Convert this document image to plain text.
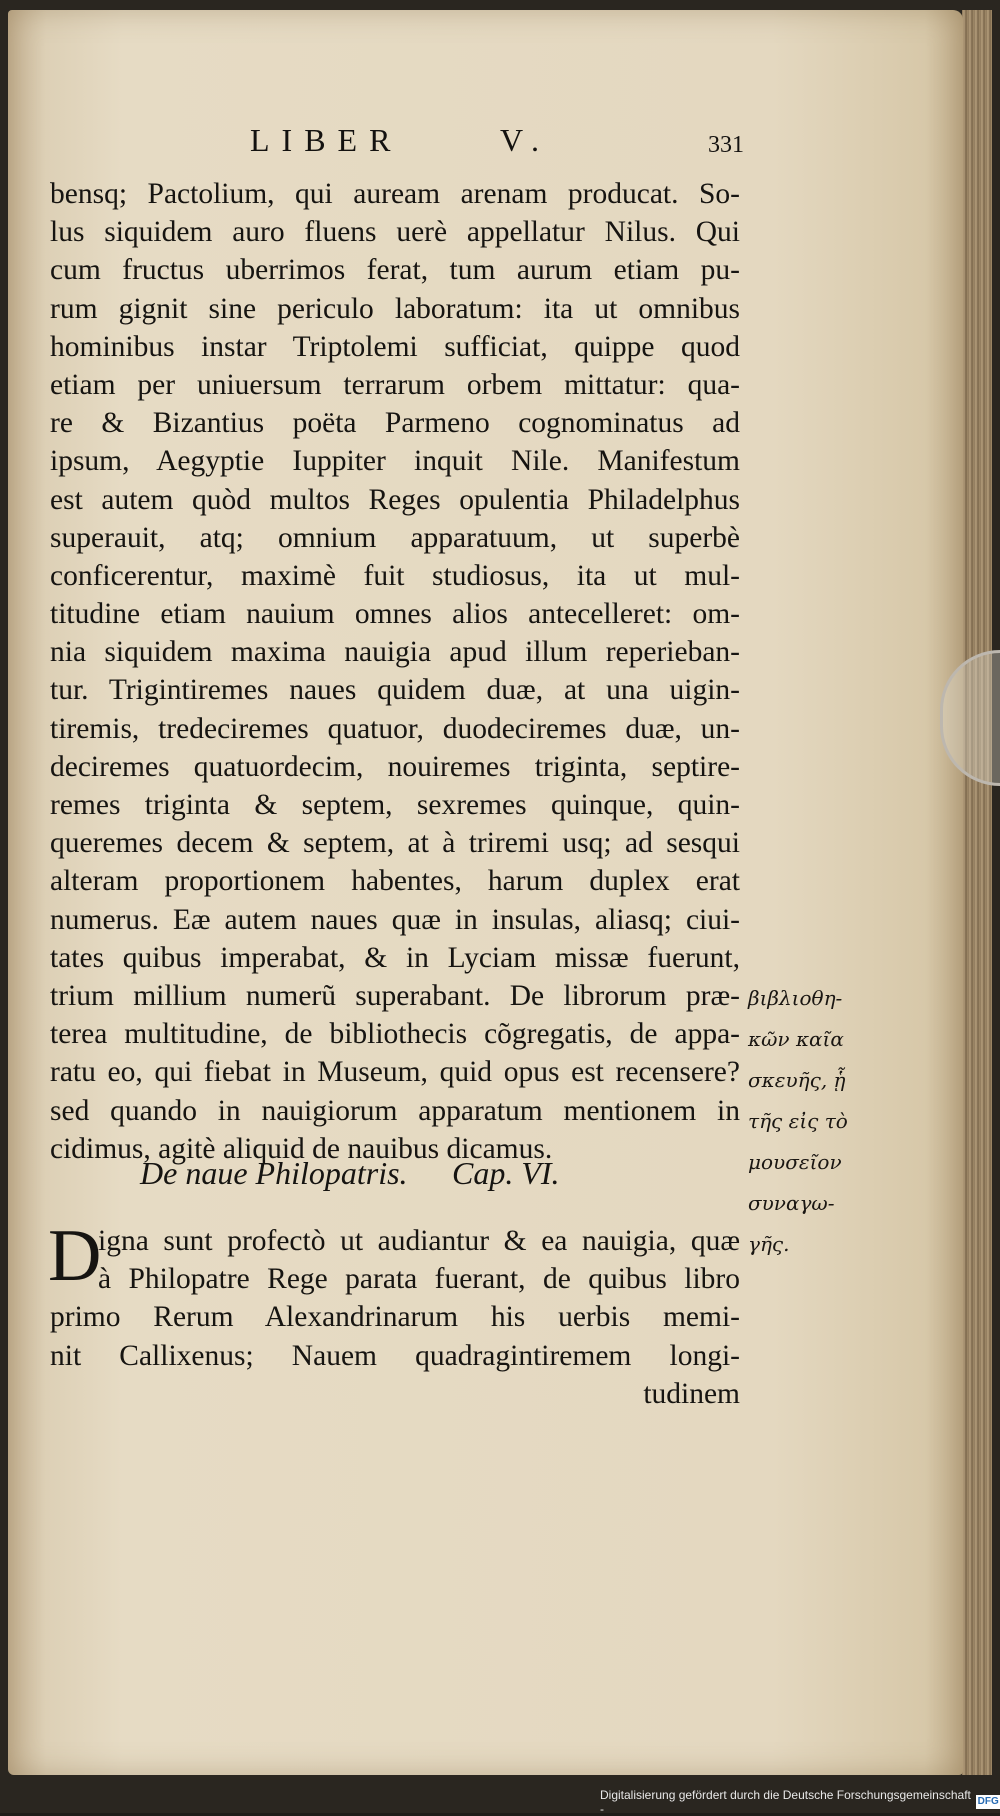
LIBER	V.	331
bensq; Pactolium, qui auream arenam producat. So-
lus siquidem auro fluens uerè appellatur Nilus. Qui
cum fructus uberrimos ferat, tum aurum etiam pu-
rum gignit sine periculo laboratum: ita ut omnibus
hominibus instar Triptolemi sufficiat, quippe quod
etiam per uniuersum terrarum orbem mittatur: qua-
re & Bizantius poëta Parmeno cognominatus ad
ipsum, Aegyptie Iuppiter inquit Nile. Manifestum
est autem quòd multos Reges opulentia Philadelphus
superauit, atq; omnium apparatuum, ut superbè
conficerentur, maximè fuit studiosus, ita ut mul-
titudine etiam nauium omnes alios antecelleret: om-
nia siquidem maxima nauigia apud illum reperieban-
tur. Trigintiremes naues quidem duæ, at una uigin-
tiremis, tredeciremes quatuor, duodeciremes duæ, un-
deciremes quatuordecim, nouiremes triginta, septire-
remes triginta & septem, sexremes quinque, quin-
queremes decem & septem, at à triremi usq; ad sesqui
alteram proportionem habentes, harum duplex erat
numerus. Eæ autem naues quæ in insulas, aliasq; ciui-
tates quibus imperabat, & in Lyciam missæ fuerunt,
trium millium numerũ superabant. De librorum præ-
terea multitudine, de bibliothecis cõgregatis, de appa-
ratu eo, qui fiebat in Museum, quid opus est recensere?
sed quando in nauigiorum apparatum mentionem in
cidimus, agitè aliquid de nauibus dicamus.
βιβλιοθη-
κῶν καῖα
σκευῆς, ᾗ
τῆς εἰς τὸ
μουσεῖον
συναγω-
γῆς.
De naue Philopatris. Cap. VI.
D
igna sunt profectò ut audiantur & ea nauigia, quæ
à Philopatre Rege parata fuerant, de quibus libro
primo Rerum Alexandrinarum his uerbis memi-
nit Callixenus; Nauem quadragintiremem longi-
tudinem
Digitalisierung gefördert durch die Deutsche Forschungsgemeinschaft -
DFG
